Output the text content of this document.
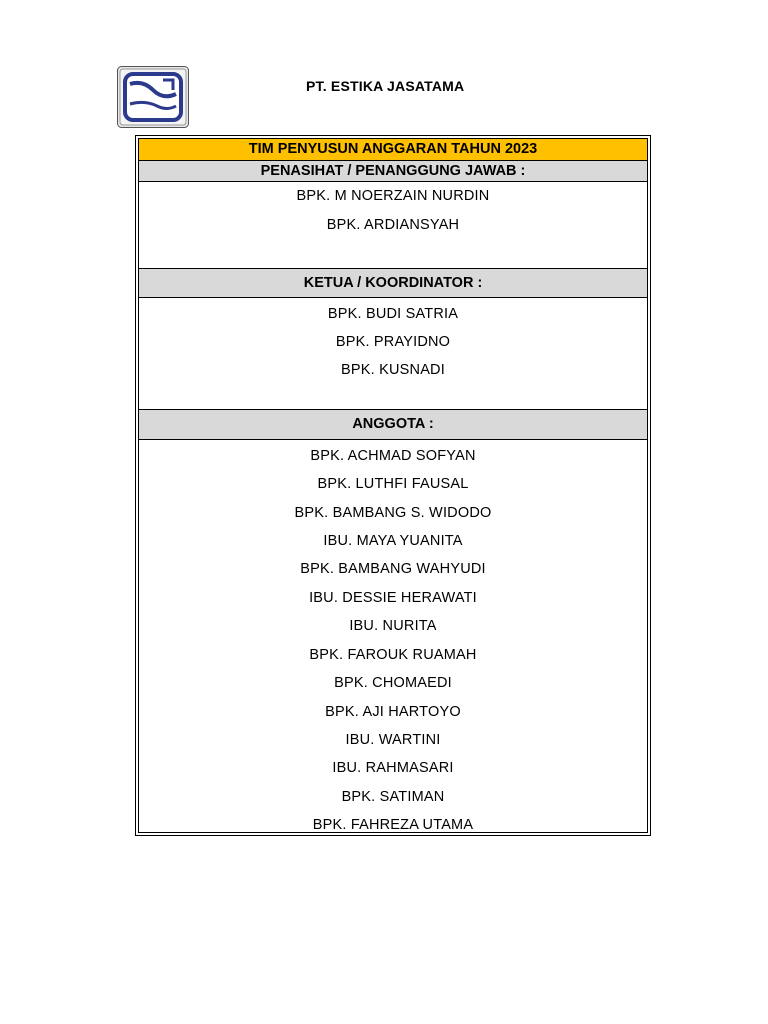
PT. ESTIKA JASATAMA
TIM PENYUSUN ANGGARAN TAHUN 2023
PENASIHAT / PENANGGUNG JAWAB :
BPK. M NOERZAIN NURDIN
BPK. ARDIANSYAH
KETUA / KOORDINATOR :
BPK. BUDI SATRIA
BPK. PRAYIDNO
BPK. KUSNADI
ANGGOTA :
BPK. ACHMAD SOFYAN
BPK. LUTHFI FAUSAL
BPK. BAMBANG S. WIDODO
IBU. MAYA YUANITA
BPK. BAMBANG WAHYUDI
IBU. DESSIE HERAWATI
IBU. NURITA
BPK. FAROUK RUAMAH
BPK. CHOMAEDI
BPK. AJI HARTOYO
IBU. WARTINI
IBU. RAHMASARI
BPK. SATIMAN
BPK. FAHREZA UTAMA
